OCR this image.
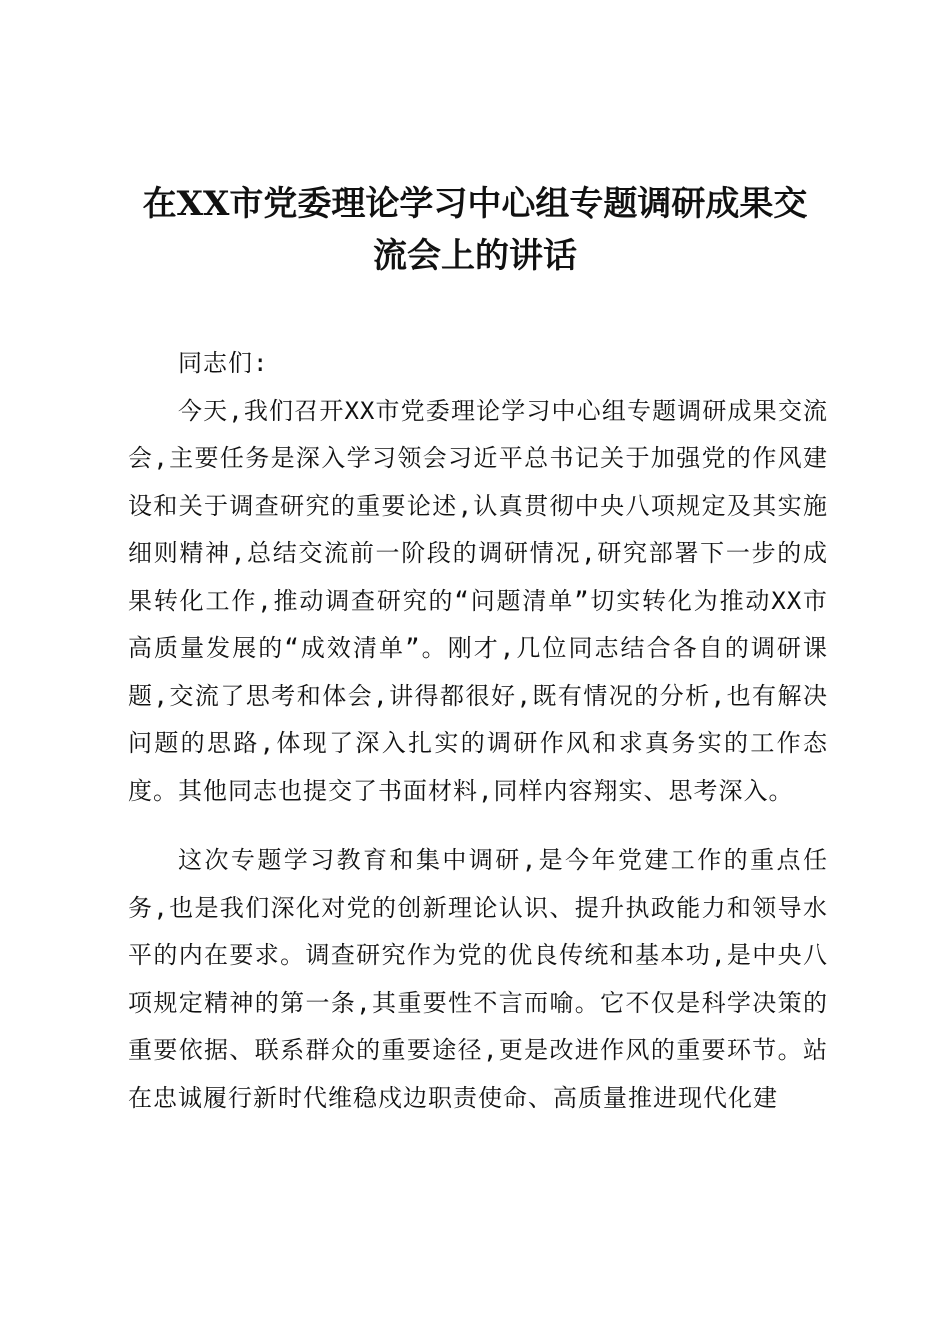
在XX市党委理论学习中心组专题调研成果交
流会上的讲话

同志们:

今天,我们召开XX市党委理论学习中心组专题调研成果交流会,主要任务是深入学习领会习近平总书记关于加强党的作风建设和关于调查研究的重要论述,认真贯彻中央八项规定及其实施细则精神,总结交流前一阶段的调研情况,研究部署下一步的成果转化工作,推动调查研究的“问题清单”切实转化为推动XX市高质量发展的“成效清单”。刚才,几位同志结合各自的调研课题,交流了思考和体会,讲得都很好,既有情况的分析,也有解决问题的思路,体现了深入扎实的调研作风和求真务实的工作态度。其他同志也提交了书面材料,同样内容翔实、思考深入。

这次专题学习教育和集中调研,是今年党建工作的重点任务,也是我们深化对党的创新理论认识、提升执政能力和领导水平的内在要求。调查研究作为党的优良传统和基本功,是中央八项规定精神的第一条,其重要性不言而喻。它不仅是科学决策的重要依据、联系群众的重要途径,更是改进作风的重要环节。站在忠诚履行新时代维稳戍边职责使命、高质量推进现代化建
